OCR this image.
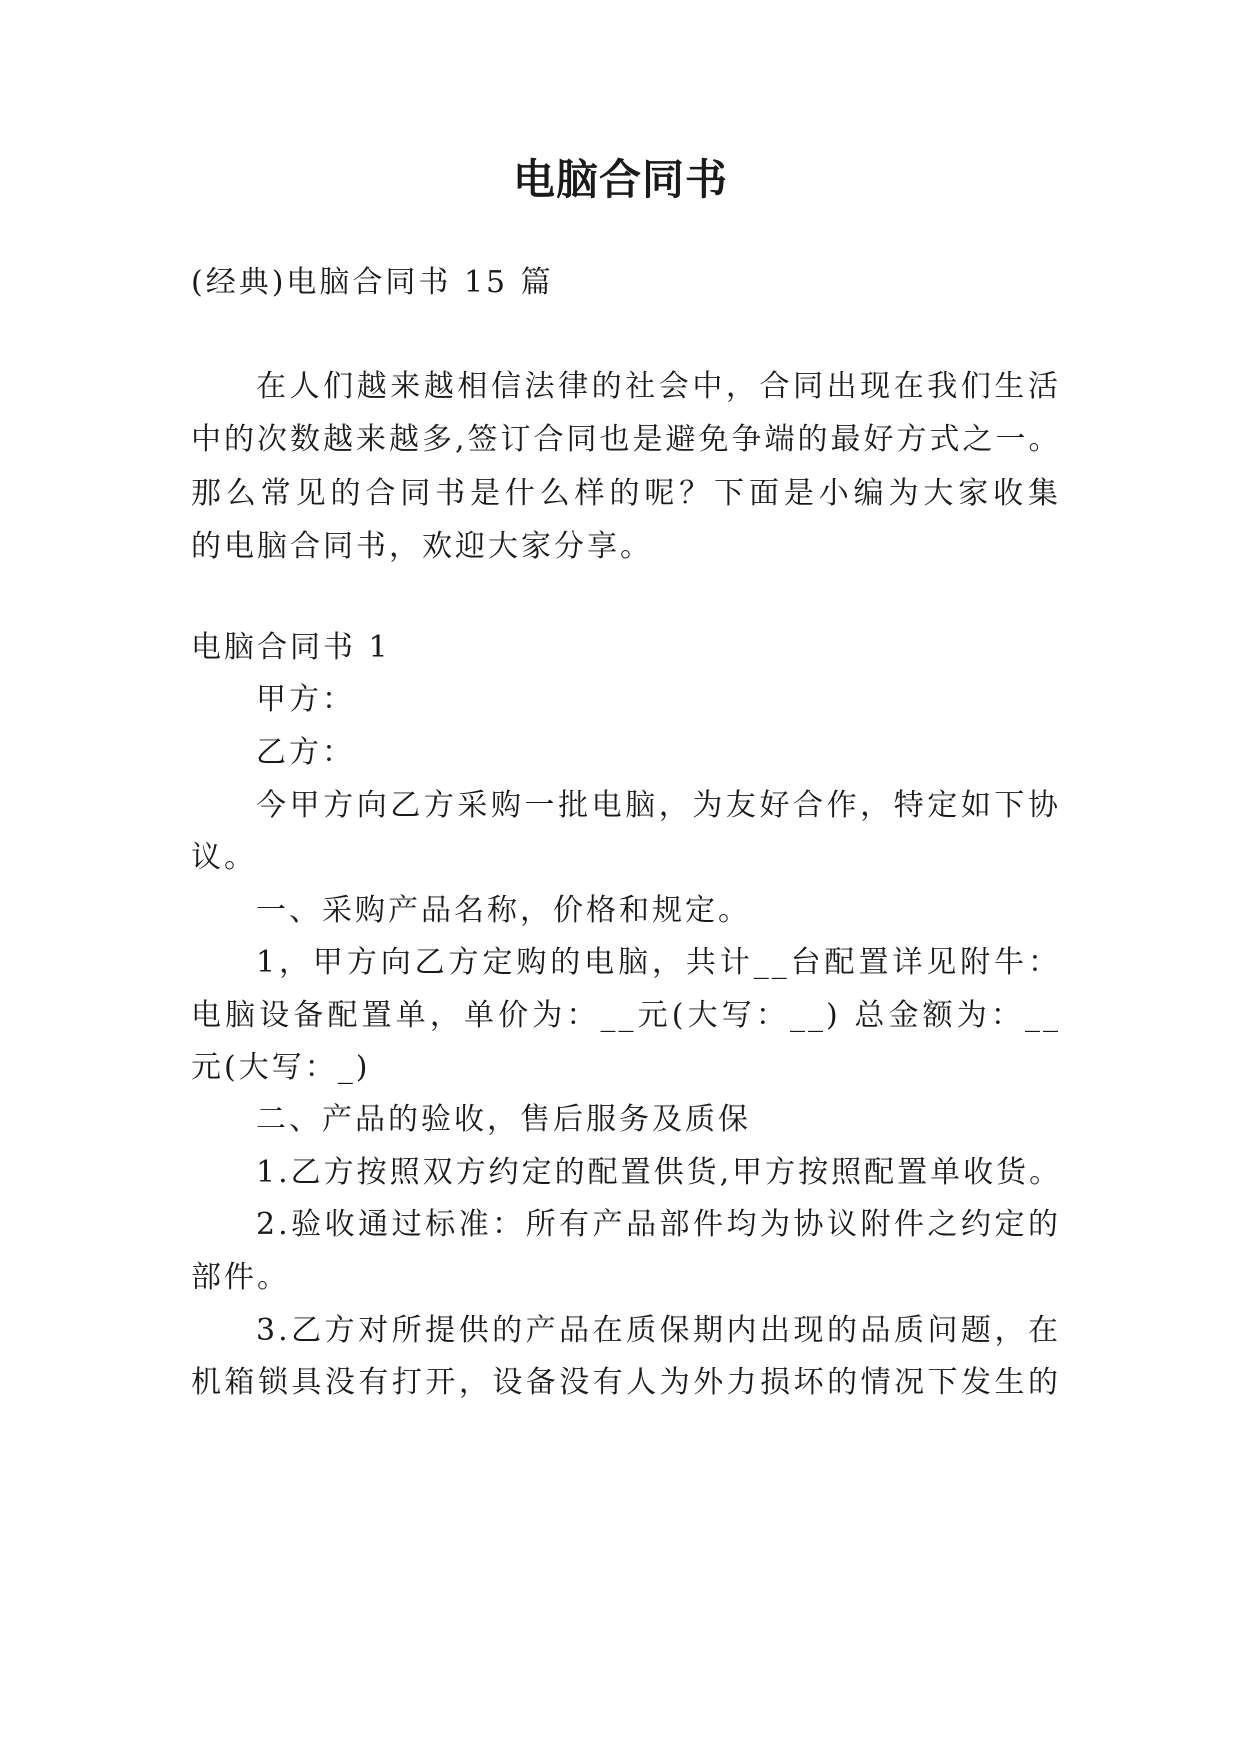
电脑合同书
(经典)电脑合同书 15 篇
在人们越来越相信法律的社会中，合同出现在我们生活
中的次数越来越多,签订合同也是避免争端的最好方式之一。
那么常见的合同书是什么样的呢？下面是小编为大家收集
的电脑合同书，欢迎大家分享。
电脑合同书 1
甲方：
乙方：
今甲方向乙方采购一批电脑，为友好合作，特定如下协
议。
一、采购产品名称，价格和规定。
1，甲方向乙方定购的电脑，共计__台配置详见附牛：
电脑设备配置单，单价为：__元(大写：__) 总金额为：__
元(大写：_)
二、产品的验收，售后服务及质保
1.乙方按照双方约定的配置供货,甲方按照配置单收货。
2.验收通过标准：所有产品部件均为协议附件之约定的
部件。
3.乙方对所提供的产品在质保期内出现的品质问题，在
机箱锁具没有打开，设备没有人为外力损坏的情况下发生的
